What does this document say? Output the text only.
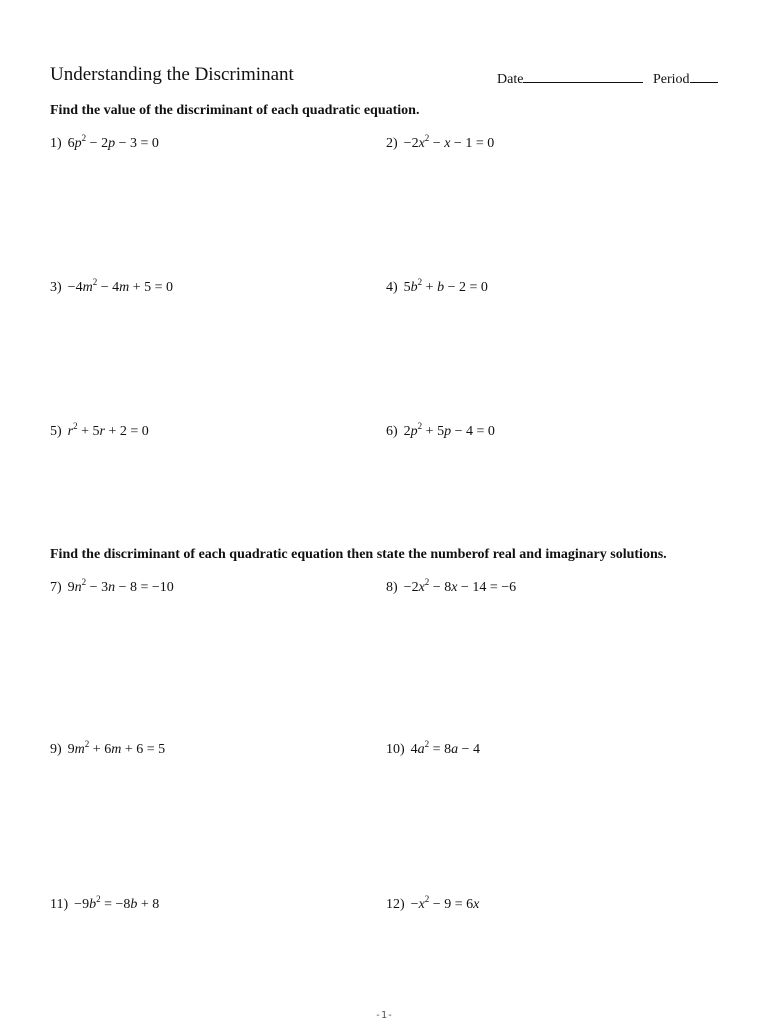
Understanding the Discriminant	Date	Period
Find the value of the discriminant of each quadratic equation.
Find the discriminant of each quadratic equation then state the numberof real and imaginary solutions.
1) $6p^2 - 2p - 3 = 0$	$2) -2x^2 - x - 1 = 0$
$3) -4m^2 - 4m + 5 = 0$	4) $5b^2 + b - 2 = 0$
5) $r^2 + 5r + 2 = 0$	6) $2p^2 + 5p - 4 = 0$
7) $9n^2 - 3n - 8 = -10$	$8) -2x^2 - 8x - 14 = -6$
9) $9m^2 + 6m + 6 = 5$	10) $4a^2 = 8a - 4$
$11) -9b^2 = -8b + 8$	$12) -x^2 - 9 = 6x$
-1-
